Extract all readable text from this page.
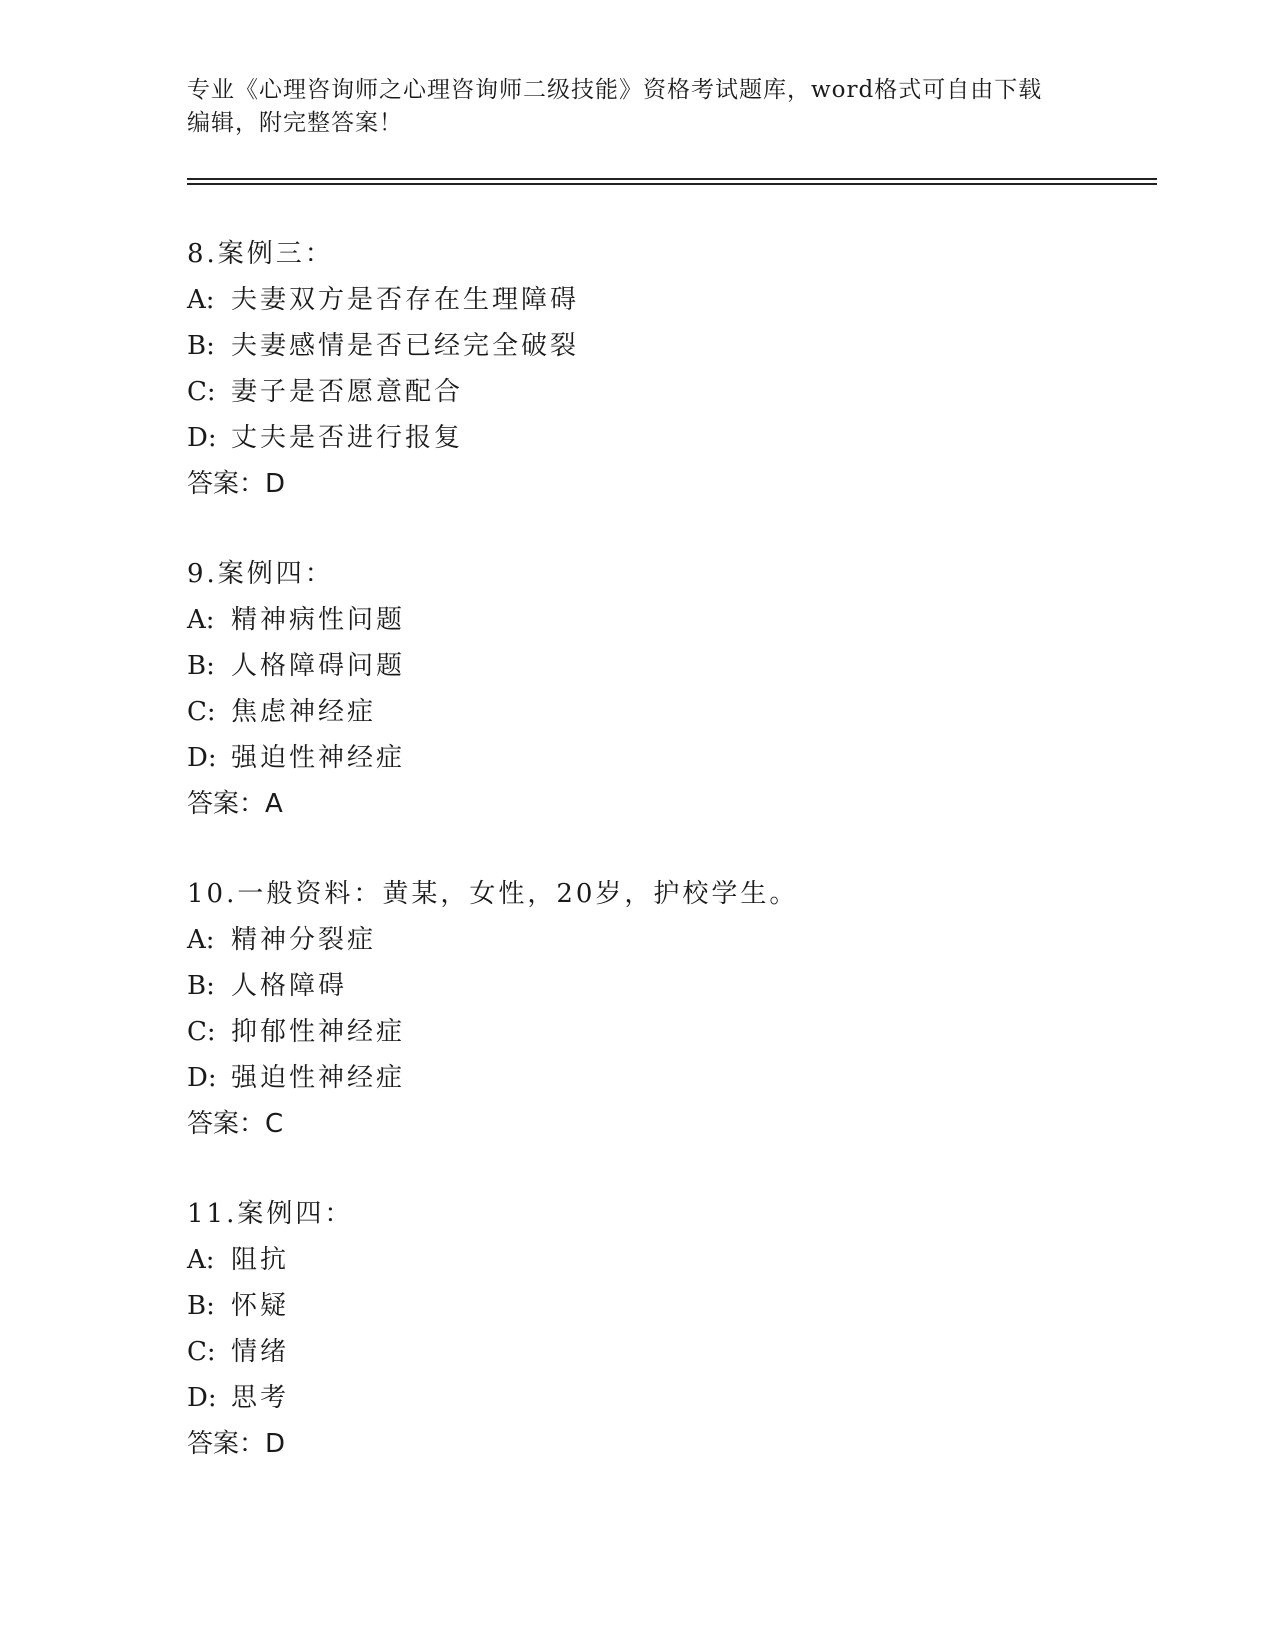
专业《心理咨询师之心理咨询师二级技能》资格考试题库，word格式可自由下载
编辑，附完整答案！
8.案例三：
A: 夫妻双方是否存在生理障碍
B: 夫妻感情是否已经完全破裂
C: 妻子是否愿意配合
D: 丈夫是否进行报复
答案：D
9.案例四：
A: 精神病性问题
B: 人格障碍问题
C: 焦虑神经症
D: 强迫性神经症
答案：A
10.一般资料：黄某，女性，20岁，护校学生。
A: 精神分裂症
B: 人格障碍
C: 抑郁性神经症
D: 强迫性神经症
答案：C
11.案例四：
A: 阻抗
B: 怀疑
C: 情绪
D: 思考
答案：D
